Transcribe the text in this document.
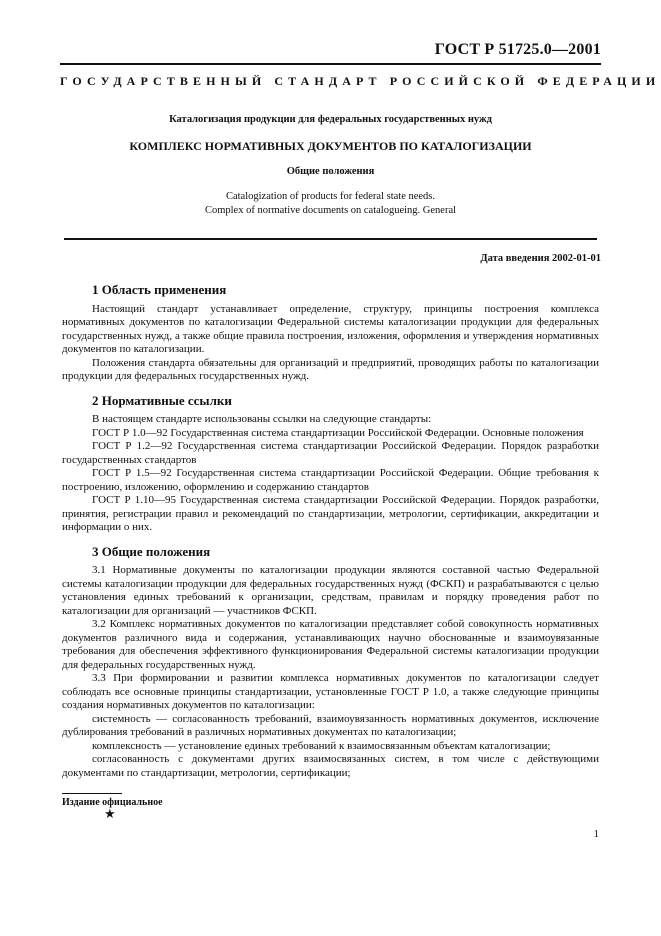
ГОСТ Р 51725.0—2001
ГОСУДАРСТВЕННЫЙ СТАНДАРТ РОССИЙСКОЙ ФЕДЕРАЦИИ
Каталогизация продукции для федеральных государственных нужд
КОМПЛЕКС НОРМАТИВНЫХ ДОКУМЕНТОВ ПО КАТАЛОГИЗАЦИИ
Общие положения
Catalogization of products for federal state needs.
Complex of normative documents on catalogueing. General
Дата введения 2002-01-01
1 Область применения

Настоящий стандарт устанавливает определение, структуру, принципы построения комплекса нормативных документов по каталогизации Федеральной системы каталогизации продукции для федеральных государственных нужд, а также общие правила построения, изложения, оформления и утверждения нормативных документов по каталогизации.

Положения стандарта обязательны для организаций и предприятий, проводящих работы по каталогизации продукции для федеральных государственных нужд.

2 Нормативные ссылки

В настоящем стандарте использованы ссылки на следующие стандарты:

ГОСТ Р 1.0—92 Государственная система стандартизации Российской Федерации. Основные положения

ГОСТ Р 1.2—92 Государственная система стандартизации Российской Федерации. Порядок разработки государственных стандартов

ГОСТ Р 1.5—92 Государственная система стандартизации Российской Федерации. Общие требования к построению, изложению, оформлению и содержанию стандартов

ГОСТ Р 1.10—95 Государственная система стандартизации Российской Федерации. Порядок разработки, принятия, регистрации правил и рекомендаций по стандартизации, метрологии, сертификации, аккредитации и информации о них.

3 Общие положения

3.1 Нормативные документы по каталогизации продукции являются составной частью Федеральной системы каталогизации продукции для федеральных государственных нужд (ФСКП) и разрабатываются с целью установления единых требований к организации, средствам, правилам и порядку проведения работ по каталогизации для организаций — участников ФСКП.

3.2 Комплекс нормативных документов по каталогизации представляет собой совокупность нормативных документов различного вида и содержания, устанавливающих научно обоснованные и взаимоувязанные требования для обеспечения эффективного функционирования Федеральной системы каталогизации продукции для федеральных государственных нужд.

3.3 При формировании и развитии комплекса нормативных документов по каталогизации следует соблюдать все основные принципы стандартизации, установленные ГОСТ Р 1.0, а также следующие принципы создания нормативных документов по каталогизации:

системность — согласованность требований, взаимоувязанность нормативных документов, исключение дублирования требований в различных нормативных документах по каталогизации;

комплексность — установление единых требований к взаимосвязанным объектам каталогизации;

согласованность с документами других взаимосвязанных систем, в том числе с действующими документами по стандартизации, метрологии, сертификации;

Издание официальное
★
1
